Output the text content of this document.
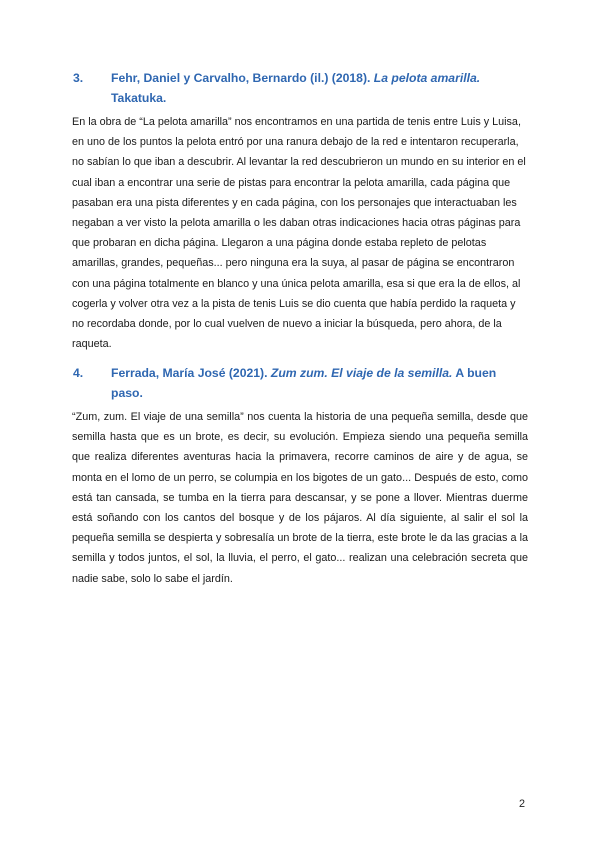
3. Fehr, Daniel y Carvalho, Bernardo (il.) (2018). La pelota amarilla. Takatuka.

En la obra de “La pelota amarilla” nos encontramos en una partida de tenis entre Luis y Luisa, en uno de los puntos la pelota entró por una ranura debajo de la red e intentaron recuperarla, no sabían lo que iban a descubrir. Al levantar la red descubrieron un mundo en su interior en el cual iban a encontrar una serie de pistas para encontrar la pelota amarilla, cada página que pasaban era una pista diferentes y en cada página, con los personajes que interactuaban les negaban a ver visto la pelota amarilla o les daban otras indicaciones hacia otras páginas para que probaran en dicha página. Llegaron a una página donde estaba repleto de pelotas amarillas, grandes, pequeñas... pero ninguna era la suya, al pasar de página se encontraron con una página totalmente en blanco y una única pelota amarilla, esa si que era la de ellos, al cogerla y volver otra vez a la pista de tenis Luis se dio cuenta que había perdido la raqueta y no recordaba donde, por lo cual vuelven de nuevo a iniciar la búsqueda, pero ahora, de la raqueta.

4. Ferrada, María José (2021). Zum zum. El viaje de la semilla. A buen paso.

“Zum, zum. El viaje de una semilla” nos cuenta la historia de una pequeña semilla, desde que semilla hasta que es un brote, es decir, su evolución. Empieza siendo una pequeña semilla que realiza diferentes aventuras hacia la primavera, recorre caminos de aire y de agua, se monta en el lomo de un perro, se columpia en los bigotes de un gato... Después de esto, como está tan cansada, se tumba en la tierra para descansar, y se pone a llover. Mientras duerme está soñando con los cantos del bosque y de los pájaros. Al día siguiente, al salir el sol la pequeña semilla se despierta y sobresalía un brote de la tierra, este brote le da las gracias a la semilla y todos juntos, el sol, la lluvia, el perro, el gato... realizan una celebración secreta que nadie sabe, solo lo sabe el jardín.

2
